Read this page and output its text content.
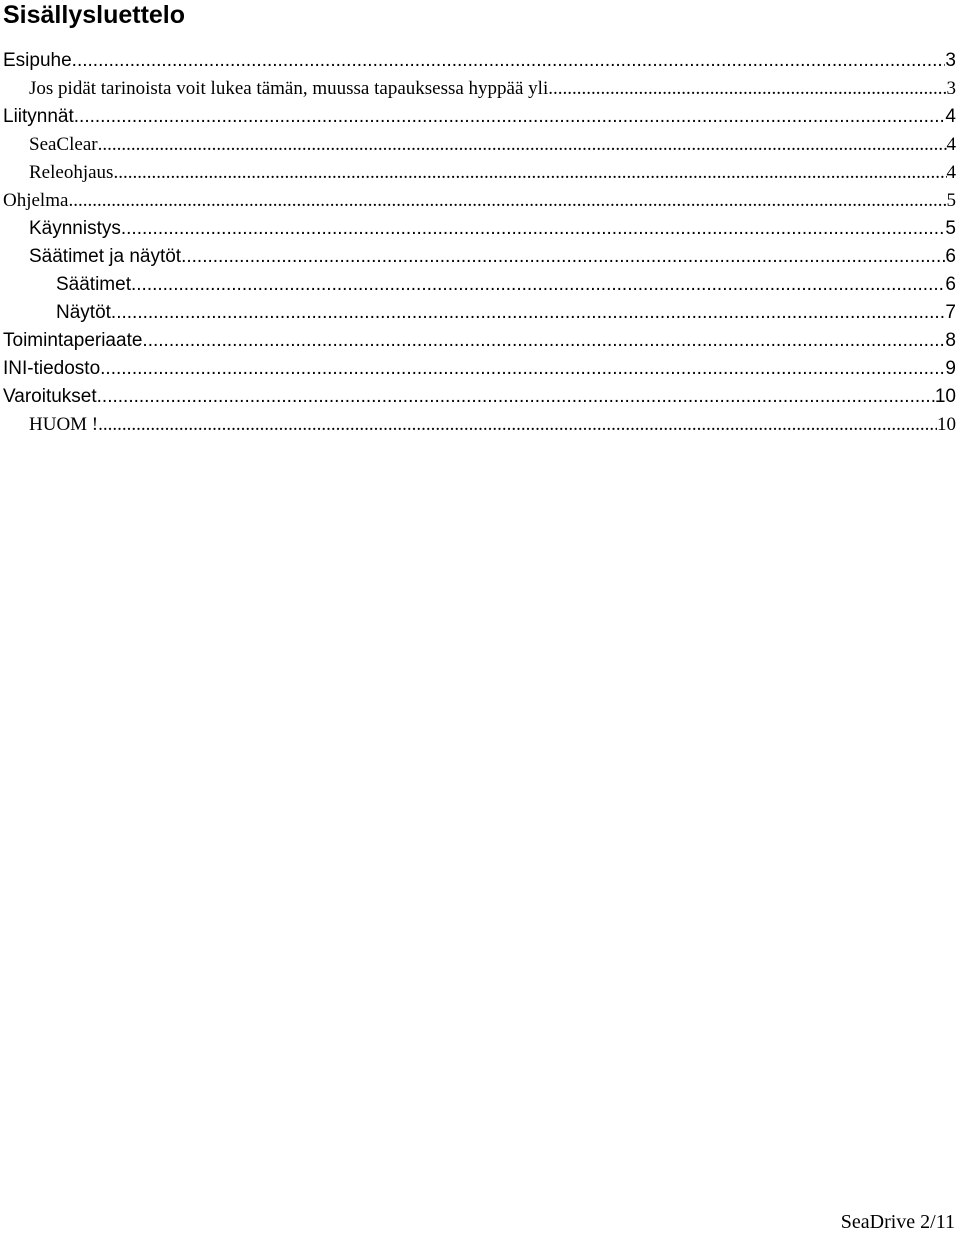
Sisällysluettelo
Esipuhe .....	3
Jos pidät tarinoista voit lukea tämän, muussa tapauksessa hyppää yli. .....	3
Liitynnät .....	4
SeaClear .....	4
Releohjaus .....	4
Ohjelma .....	5
Käynnistys .....	5
Säätimet ja näytöt .....	6
Säätimet .....	6
Näytöt .....	7
Toimintaperiaate .....	8
INI-tiedosto .....	9
Varoitukset .....	10
HUOM ! .....	10
SeaDrive 2/11
